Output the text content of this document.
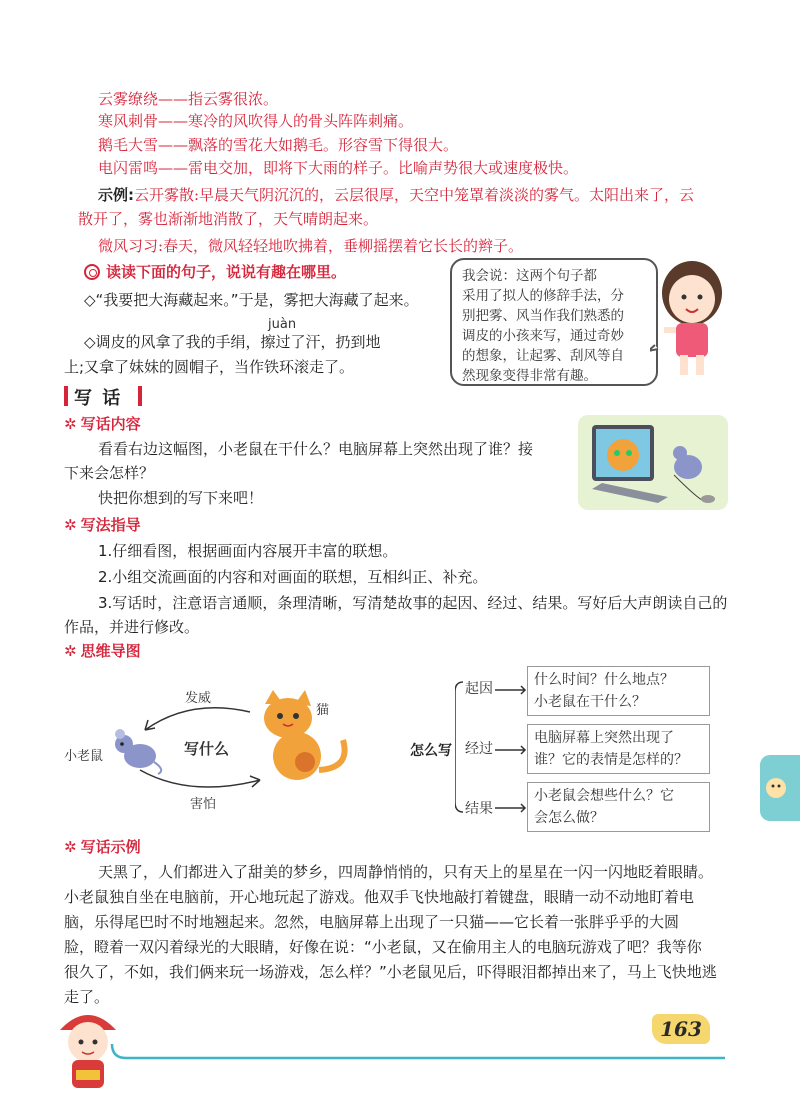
云雾缭绕——指云雾很浓。
寒风刺骨——寒冷的风吹得人的骨头阵阵刺痛。
鹅毛大雪——飘落的雪花大如鹅毛。形容雪下得很大。
电闪雷鸣——雷电交加，即将下大雨的样子。比喻声势很大或速度极快。
示例:云开雾散:早晨天气阴沉沉的，云层很厚，天空中笼罩着淡淡的雾气。太阳出来了，云
散开了，雾也渐渐地消散了，天气晴朗起来。
微风习习:春天，微风轻轻地吹拂着，垂柳摇摆着它长长的辫子。
读读下面的句子，说说有趣在哪里。
◇“我要把大海藏起来。”于是，雾把大海藏了起来。
juàn
◇调皮的风拿了我的手绢，擦过了汗，扔到地
上;又拿了妹妹的圆帽子，当作铁环滚走了。
我会说：这两个句子都
采用了拟人的修辞手法，分
别把雾、风当作我们熟悉的
调皮的小孩来写，通过奇妙
的想象，让起雾、刮风等自
然现象变得非常有趣。
写 话
✲ 写话内容
看看右边这幅图，小老鼠在干什么？电脑屏幕上突然出现了谁？接
下来会怎样？
快把你想到的写下来吧！
✲ 写法指导
1.仔细看图，根据画面内容展开丰富的联想。
2.小组交流画面的内容和对画面的联想，互相纠正、补充。
3.写话时，注意语言通顺，条理清晰，写清楚故事的起因、经过、结果。写好后大声朗读自己的
作品，并进行修改。
✲ 思维导图
发威
害怕
小老鼠	写什么
猫
怎么写
起因
经过
结果
什么时间？什么地点？
小老鼠在干什么？
电脑屏幕上突然出现了
谁？它的表情是怎样的？
小老鼠会想些什么？它
会怎么做？
✲ 写话示例
天黑了，人们都进入了甜美的梦乡，四周静悄悄的，只有天上的星星在一闪一闪地眨着眼睛。
小老鼠独自坐在电脑前，开心地玩起了游戏。他双手飞快地敲打着键盘，眼睛一动不动地盯着电
脑，乐得尾巴时不时地翘起来。忽然，电脑屏幕上出现了一只猫——它长着一张胖乎乎的大圆
脸，瞪着一双闪着绿光的大眼睛，好像在说：“小老鼠，又在偷用主人的电脑玩游戏了吧？我等你
很久了，不如，我们俩来玩一场游戏，怎么样？”小老鼠见后，吓得眼泪都掉出来了，马上飞快地逃
走了。
163
